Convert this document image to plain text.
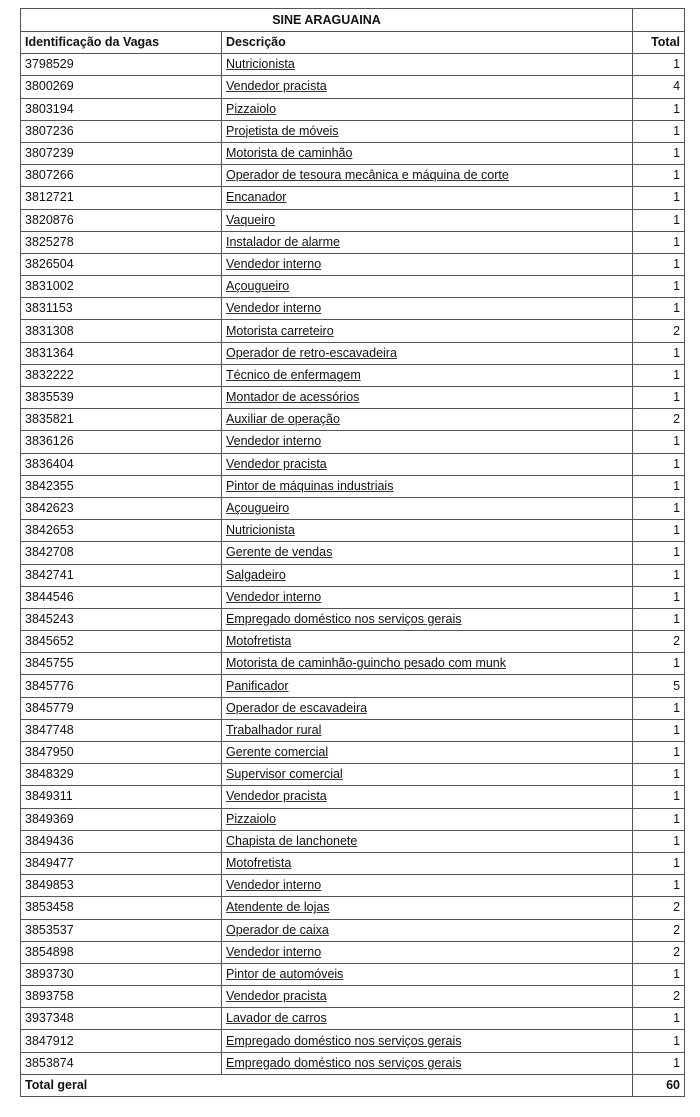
SINE ARAGUAINA		
Identificação da Vagas	Descrição	Total
3798529	Nutricionista	1
3800269	Vendedor pracista	4
3803194	Pizzaiolo	1
3807236	Projetista de móveis	1
3807239	Motorista de caminhão	1
3807266	Operador de tesoura mecânica e máquina de corte	1
3812721	Encanador	1
3820876	Vaqueiro	1
3825278	Instalador de alarme	1
3826504	Vendedor interno	1
3831002	Açougueiro	1
3831153	Vendedor interno	1
3831308	Motorista carreteiro	2
3831364	Operador de retro-escavadeira	1
3832222	Técnico de enfermagem	1
3835539	Montador de acessórios	1
3835821	Auxiliar de operação	2
3836126	Vendedor interno	1
3836404	Vendedor pracista	1
3842355	Pintor de máquinas industriais	1
3842623	Açougueiro	1
3842653	Nutricionista	1
3842708	Gerente de vendas	1
3842741	Salgadeiro	1
3844546	Vendedor interno	1
3845243	Empregado doméstico nos serviços gerais	1
3845652	Motofretista	2
3845755	Motorista de caminhão-guincho pesado com munk	1
3845776	Panificador	5
3845779	Operador de escavadeira	1
3847748	Trabalhador rural	1
3847950	Gerente comercial	1
3848329	Supervisor comercial	1
3849311	Vendedor pracista	1
3849369	Pizzaiolo	1
3849436	Chapista de lanchonete	1
3849477	Motofretista	1
3849853	Vendedor interno	1
3853458	Atendente de lojas	2
3853537	Operador de caixa	2
3854898	Vendedor interno	2
3893730	Pintor de automóveis	1
3893758	Vendedor pracista	2
3937348	Lavador de carros	1
3847912	Empregado doméstico nos serviços gerais	1
3853874	Empregado doméstico nos serviços gerais	1
Total geral		60
